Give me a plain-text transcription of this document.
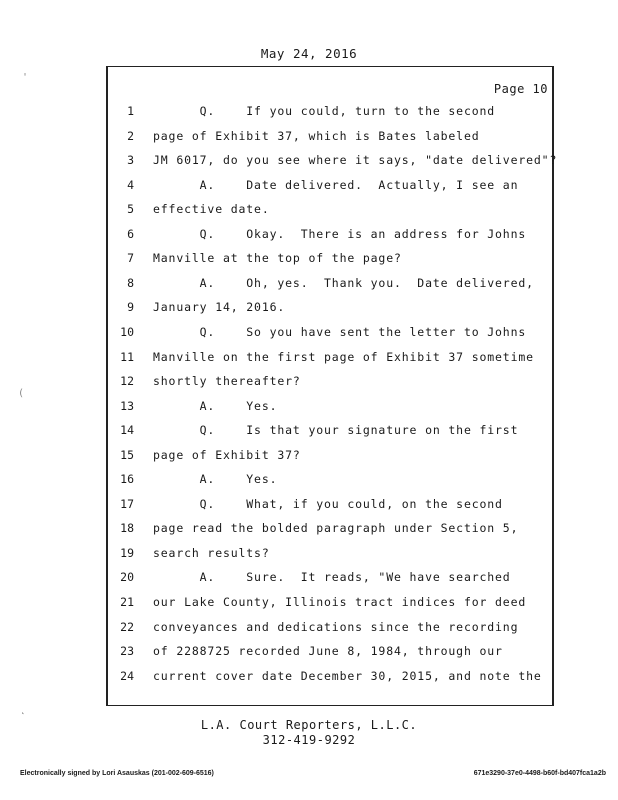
May 24, 2016
Page 10
1 Q.    If you could, turn to the second
2 page of Exhibit 37, which is Bates labeled
3 JM 6017, do you see where it says, "date delivered"?
4 A.    Date delivered.  Actually, I see an
5 effective date.
6 Q.    Okay.  There is an address for Johns
7 Manville at the top of the page?
8 A.    Oh, yes.  Thank you.  Date delivered,
9 January 14, 2016.
10 Q.    So you have sent the letter to Johns
11 Manville on the first page of Exhibit 37 sometime
12 shortly thereafter?
13 A.    Yes.
14 Q.    Is that your signature on the first
15 page of Exhibit 37?
16 A.    Yes.
17 Q.    What, if you could, on the second
18 page read the bolded paragraph under Section 5,
19 search results?
20 A.    Sure.  It reads, "We have searched
21 our Lake County, Illinois tract indices for deed
22 conveyances and dedications since the recording
23 of 2288725 recorded June 8, 1984, through our
24 current cover date December 30, 2015, and note the
L.A. Court Reporters, L.L.C.
312-419-9292
Electronically signed by Lori Asauskas (201-002-609-6516)	671e3290-37e0-4498-b60f-bd407fca1a2b
'
(
˛
